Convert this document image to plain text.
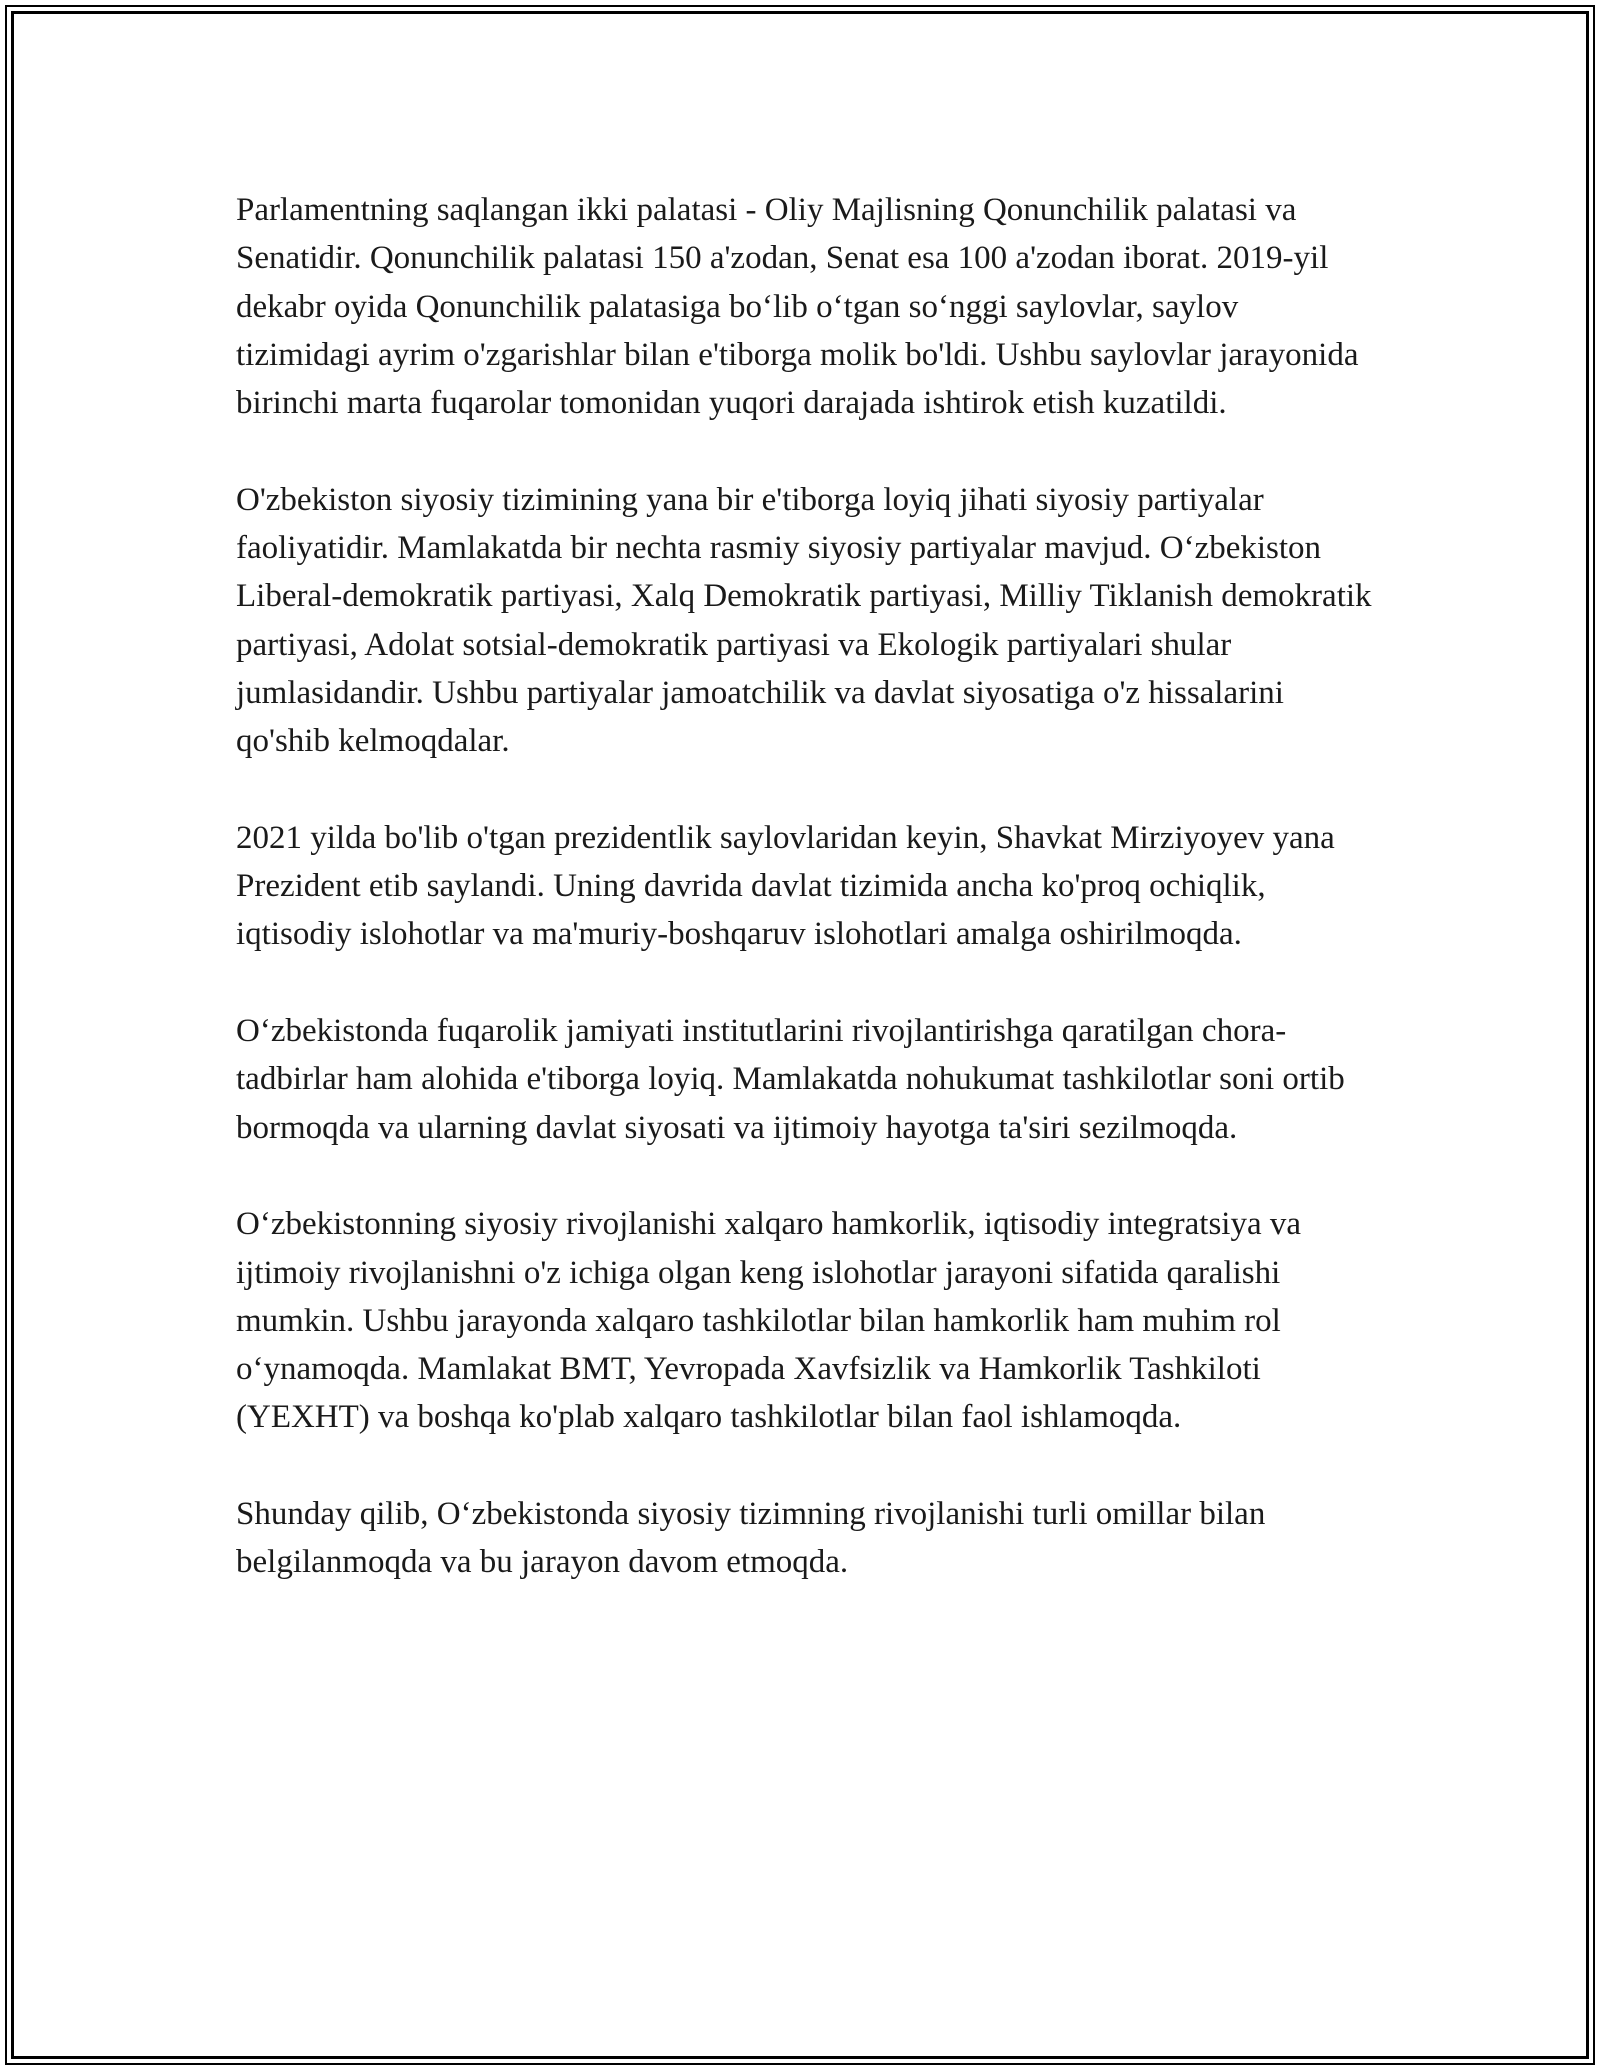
Parlamentning saqlangan ikki palatasi - Oliy Majlisning Qonunchilik palatasi va Senatidir. Qonunchilik palatasi 150 a'zodan, Senat esa 100 a'zodan iborat. 2019-yil dekabr oyida Qonunchilik palatasiga boʻlib oʻtgan soʻnggi saylovlar, saylov tizimidagi ayrim o'zgarishlar bilan e'tiborga molik bo'ldi. Ushbu saylovlar jarayonida birinchi marta fuqarolar tomonidan yuqori darajada ishtirok etish kuzatildi.

O'zbekiston siyosiy tizimining yana bir e'tiborga loyiq jihati siyosiy partiyalar faoliyatidir. Mamlakatda bir nechta rasmiy siyosiy partiyalar mavjud. Oʻzbekiston Liberal-demokratik partiyasi, Xalq Demokratik partiyasi, Milliy Tiklanish demokratik partiyasi, Adolat sotsial-demokratik partiyasi va Ekologik partiyalari shular jumlasidandir. Ushbu partiyalar jamoatchilik va davlat siyosatiga o'z hissalarini qo'shib kelmoqdalar.

2021 yilda bo'lib o'tgan prezidentlik saylovlaridan keyin, Shavkat Mirziyoyev yana Prezident etib saylandi. Uning davrida davlat tizimida ancha ko'proq ochiqlik, iqtisodiy islohotlar va ma'muriy-boshqaruv islohotlari amalga oshirilmoqda.

Oʻzbekistonda fuqarolik jamiyati institutlarini rivojlantirishga qaratilgan chora-tadbirlar ham alohida e'tiborga loyiq. Mamlakatda nohukumat tashkilotlar soni ortib bormoqda va ularning davlat siyosati va ijtimoiy hayotga ta'siri sezilmoqda.

Oʻzbekistonning siyosiy rivojlanishi xalqaro hamkorlik, iqtisodiy integratsiya va ijtimoiy rivojlanishni o'z ichiga olgan keng islohotlar jarayoni sifatida qaralishi mumkin. Ushbu jarayonda xalqaro tashkilotlar bilan hamkorlik ham muhim rol oʻynamoqda. Mamlakat BMT, Yevropada Xavfsizlik va Hamkorlik Tashkiloti (YEXHT) va boshqa ko'plab xalqaro tashkilotlar bilan faol ishlamoqda.

Shunday qilib, Oʻzbekistonda siyosiy tizimning rivojlanishi turli omillar bilan belgilanmoqda va bu jarayon davom etmoqda.
